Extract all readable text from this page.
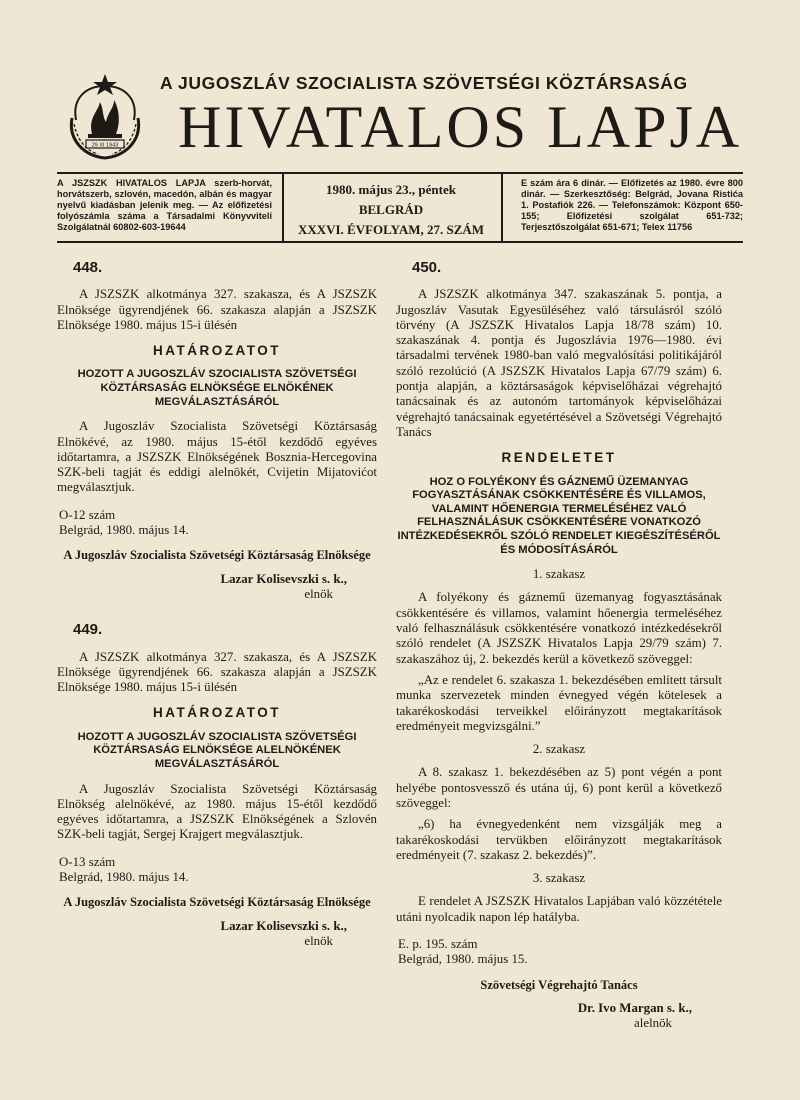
29 XI 1943
A JUGOSZLÁV SZOCIALISTA SZÖVETSÉGI KÖZTÁRSASÁG
HIVATALOS LAPJA
A JSZSZK HIVATALOS LAPJA szerb-horvát, horvátszerb, szlovén, macedón, albán és magyar nyelvű kiadásban jelenik meg. — Az előfizetési folyószámla száma a Társadalmi Könyvviteli Szolgálatnál 60802-603-19644
1980. május 23., péntek
BELGRÁD
XXXVI. ÉVFOLYAM, 27. SZÁM
E szám ára 6 dinár. — Előfizetés az 1980. évre 800 dinár. — Szerkesztőség: Belgrád, Jovana Ristića 1. Postafiók 226. — Telefonszámok: Központ 650-155; Előfizetési szolgálat 651-732; Terjesztőszolgálat 651-671; Telex 11756
448.
A JSZSZK alkotmánya 327. szakasza, és A JSZSZK Elnöksége ügyrendjének 66. szakasza alapján a JSZSZK Elnöksége 1980. május 15-i ülésén
HATÁROZATOT
HOZOTT A JUGOSZLÁV SZOCIALISTA SZÖVETSÉGI KÖZTÁRSASÁG ELNÖKSÉGE ELNÖKÉNEK MEGVÁLASZTÁSÁRÓL
A Jugoszláv Szocialista Szövetségi Köztársaság Elnökévé, az 1980. május 15-étől kezdődő egyéves időtartamra, a JSZSZK Elnökségének Bosznia-Hercegovina SZK-beli tagját és eddigi alelnökét, Cvijetin Mijatovićot megválasztjuk.
O-12 szám
Belgrád, 1980. május 14.
A Jugoszláv Szocialista Szövetségi Köztársaság Elnöksége
Lazar Kolisevszki s. k.,
elnök
449.
A JSZSZK alkotmánya 327. szakasza, és A JSZSZK Elnöksége ügyrendjének 66. szakasza alapján a JSZSZK Elnöksége 1980. május 15-i ülésén
HATÁROZATOT
HOZOTT A JUGOSZLÁV SZOCIALISTA SZÖVETSÉGI KÖZTÁRSASÁG ELNÖKSÉGE ALELNÖKÉNEK MEGVÁLASZTÁSÁRÓL
A Jugoszláv Szocialista Szövetségi Köztársaság Elnökség alelnökévé, az 1980. május 15-étől kezdődő egyéves időtartamra, a JSZSZK Elnökségének a Szlovén SZK-beli tagját, Sergej Krajgert megválasztjuk.
O-13 szám
Belgrád, 1980. május 14.
A Jugoszláv Szocialista Szövetségi Köztársaság Elnöksége
Lazar Kolisevszki s. k.,
elnök
450.
A JSZSZK alkotmánya 347. szakaszának 5. pontja, a Jugoszláv Vasutak Egyesüléséhez való társulásról szóló törvény (A JSZSZK Hivatalos Lapja 18/78 szám) 10. szakaszának 4. pontja és Jugoszlávia 1976—1980. évi társadalmi tervének 1980-ban való megvalósítási politikájáról szóló rezolúció (A JSZSZK Hivatalos Lapja 67/79 szám) 6. pontja alapján, a köztársaságok képviselőházai végrehajtó tanácsainak és az autonóm tartományok képviselőházai végrehajtó tanácsainak egyetértésével a Szövetségi Végrehajtó Tanács
RENDELETET
HOZ O FOLYÉKONY ÉS GÁZNEMŰ ÜZEMANYAG FOGYASZTÁSÁNAK CSÖKKENTÉSÉRE ÉS VILLAMOS, VALAMINT HŐENERGIA TERMELÉSÉHEZ VALÓ FELHASZNÁLÁSUK CSÖKKENTÉSÉRE VONATKOZÓ INTÉZKEDÉSEKRŐL SZÓLÓ RENDELET KIEGÉSZÍTÉSÉRŐL ÉS MÓDOSÍTÁSÁRÓL
1. szakasz
A folyékony és gáznemű üzemanyag fogyasztásának csökkentésére és villamos, valamint hőenergia termeléséhez való felhasználásuk csökkentésére vonatkozó intézkedésekről szóló rendelet (A JSZSZK Hivatalos Lapja 29/79 szám) 7. szakaszához új, 2. bekezdés kerül a következő szöveggel:
„Az e rendelet 6. szakasza 1. bekezdésében említett társult munka szervezetek minden évnegyed végén kötelesek a takarékoskodási terveikkel előirányzott megtakarítások eredményeit megvizsgálni.”
2. szakasz
A 8. szakasz 1. bekezdésében az 5) pont végén a pont helyébe pontosvessző és utána új, 6) pont kerül a következő szöveggel:
„6) ha évnegyedenként nem vizsgálják meg a takarékoskodási tervükben előirányzott megtakarítások eredményeit (7. szakasz 2. bekezdés)”.
3. szakasz
E rendelet A JSZSZK Hivatalos Lapjában való közzététele utáni nyolcadik napon lép hatályba.
E. p. 195. szám
Belgrád, 1980. május 15.
Szövetségi Végrehajtó Tanács
Dr. Ivo Margan s. k.,
alelnök
